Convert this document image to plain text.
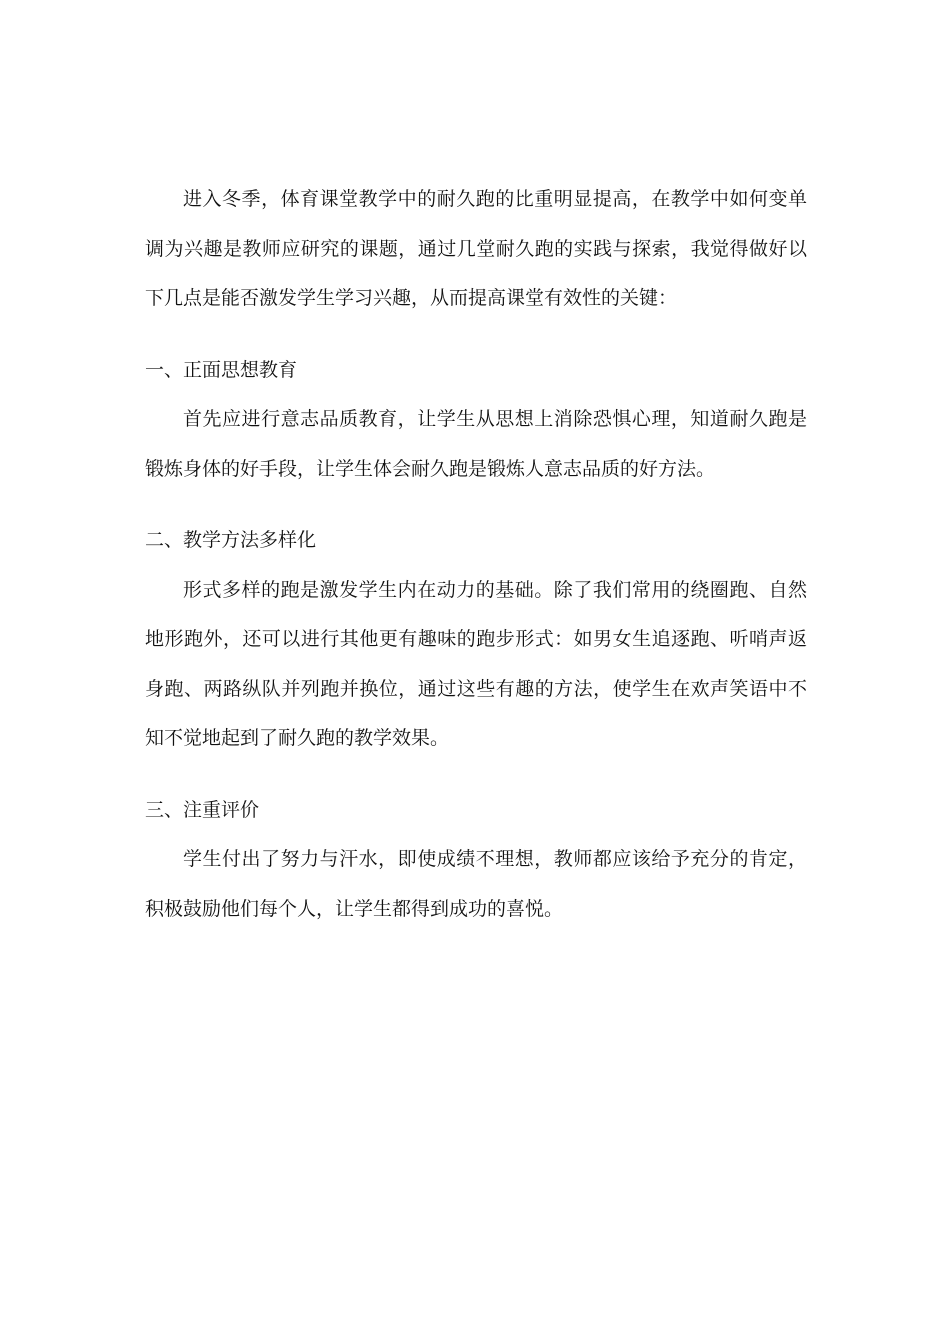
进入冬季，体育课堂教学中的耐久跑的比重明显提高，在教学中如何变单调为兴趣是教师应研究的课题，通过几堂耐久跑的实践与探索，我觉得做好以下几点是能否激发学生学习兴趣，从而提高课堂有效性的关键：

一、正面思想教育

首先应进行意志品质教育，让学生从思想上消除恐惧心理，知道耐久跑是锻炼身体的好手段，让学生体会耐久跑是锻炼人意志品质的好方法。

二、教学方法多样化

形式多样的跑是激发学生内在动力的基础。除了我们常用的绕圈跑、自然地形跑外，还可以进行其他更有趣味的跑步形式：如男女生追逐跑、听哨声返身跑、两路纵队并列跑并换位，通过这些有趣的方法，使学生在欢声笑语中不知不觉地起到了耐久跑的教学效果。

三、注重评价

学生付出了努力与汗水，即使成绩不理想，教师都应该给予充分的肯定，积极鼓励他们每个人，让学生都得到成功的喜悦。
